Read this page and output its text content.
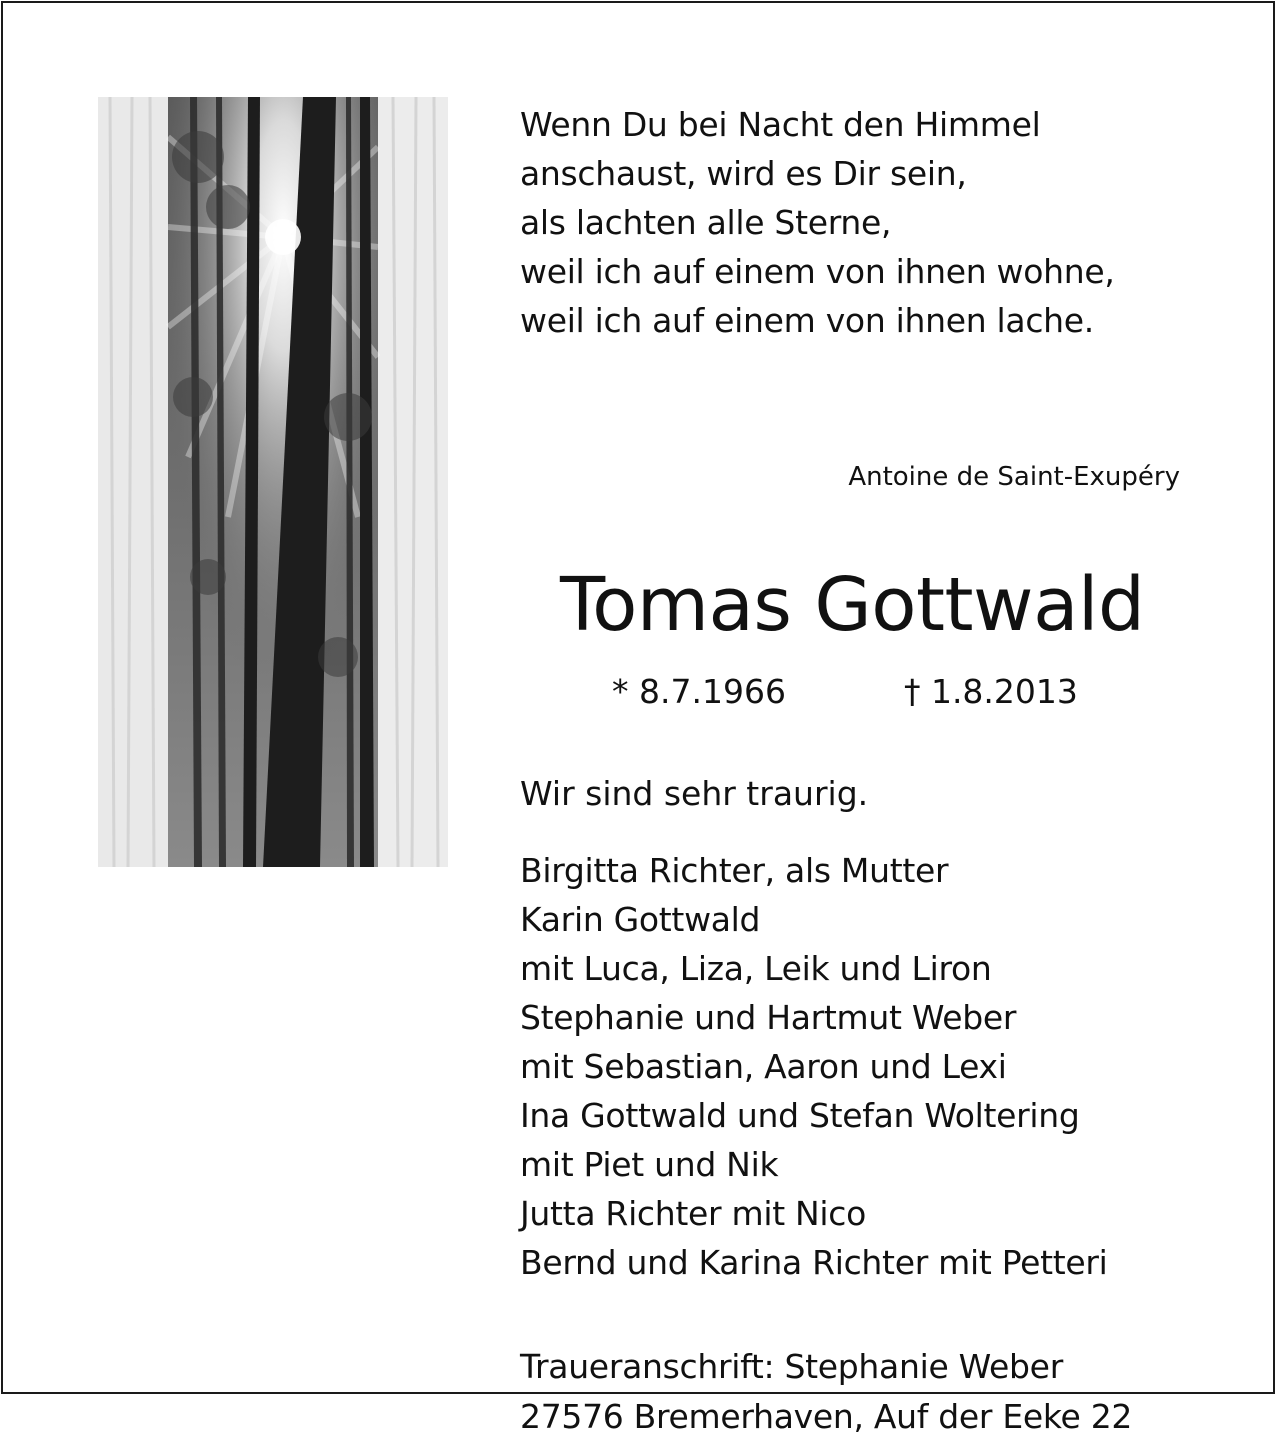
Wenn Du bei Nacht den Himmel
anschaust, wird es Dir sein,
als lachten alle Sterne,
weil ich auf einem von ihnen wohne,
weil ich auf einem von ihnen lache.
Antoine de Saint-Exupéry
Tomas Gottwald
* 8.7.1966	† 1.8.2013
Wir sind sehr traurig.
Birgitta Richter, als Mutter
Karin Gottwald
mit Luca, Liza, Leik und Liron
Stephanie und Hartmut Weber
mit Sebastian, Aaron und Lexi
Ina Gottwald und Stefan Woltering
mit Piet und Nik
Jutta Richter mit Nico
Bernd und Karina Richter mit Petteri
Traueranschrift: Stephanie Weber
27576 Bremerhaven, Auf der Eeke 22
